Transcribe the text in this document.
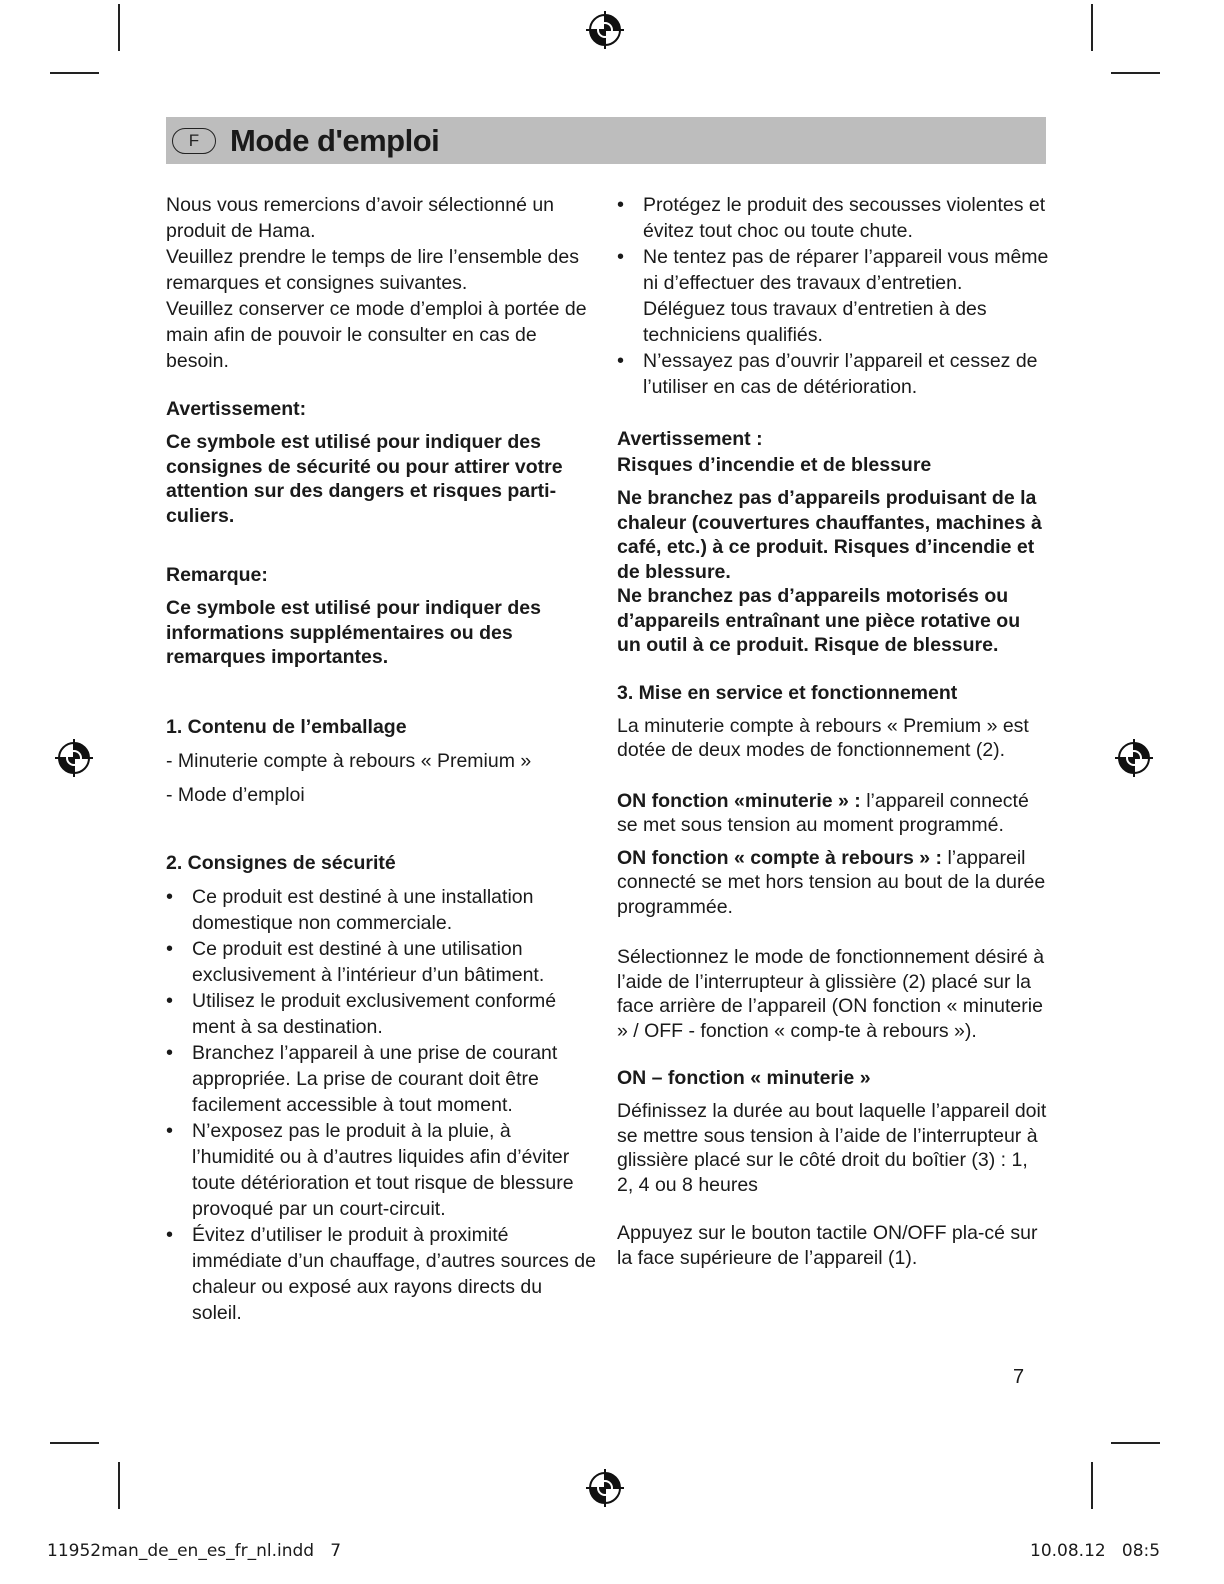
F Mode d'emploi

Nous vous remercions d’avoir sélectionné un produit de Hama.

Veuillez prendre le temps de lire l’ensemble des remarques et consignes suivantes.

Veuillez conserver ce mode d’emploi à portée de main afin de pouvoir le consulter en cas de besoin.

Avertissement:

Ce symbole est utilisé pour indiquer des consignes de sécurité ou pour attirer votre attention sur des dangers et risques parti-culiers.

Remarque:

Ce symbole est utilisé pour indiquer des informations supplémentaires ou des remarques importantes.

1. Contenu de l’emballage

- Minuterie compte à rebours « Premium »

- Mode d’emploi

2. Consignes de sécurité

• Ce produit est destiné à une installation domestique non commerciale.
• Ce produit est destiné à une utilisation exclusivement à l’intérieur d’un bâtiment.
• Utilisez le produit exclusivement conformé ment à sa destination.
• Branchez l’appareil à une prise de courant appropriée. La prise de courant doit être facilement accessible à tout moment.
• N’exposez pas le produit à la pluie, à l’humidité ou à d’autres liquides afin d’éviter toute détérioration et tout risque de blessure provoqué par un court-circuit.
• Évitez d’utiliser le produit à proximité immédiate d’un chauffage, d’autres sources de chaleur ou exposé aux rayons directs du soleil.
• Protégez le produit des secousses violentes et évitez tout choc ou toute chute.
• Ne tentez pas de réparer l’appareil vous même ni d’effectuer des travaux d’entretien. Déléguez tous travaux d’entretien à des techniciens qualifiés.
• N’essayez pas d’ouvrir l’appareil et cessez de l’utiliser en cas de détérioration.

Avertissement :

Risques d’incendie et de blessure

Ne branchez pas d’appareils produisant de la chaleur (couvertures chauffantes, machines à café, etc.) à ce produit. Risques d’incendie et de blessure.

Ne branchez pas d’appareils motorisés ou d’appareils entraînant une pièce rotative ou un outil à ce produit. Risque de blessure.

3. Mise en service et fonctionnement

La minuterie compte à rebours « Premium » est dotée de deux modes de fonctionnement (2).

ON fonction «minuterie » : l’appareil connecté se met sous tension au moment programmé.

ON fonction « compte à rebours » : l’appareil connecté se met hors tension au bout de la durée programmée.

Sélectionnez le mode de fonctionnement désiré à l’aide de l’interrupteur à glissière (2) placé sur la face arrière de l’appareil (ON fonction « minuterie » / OFF - fonction « comp-te à rebours »).

ON – fonction « minuterie »

Définissez la durée au bout laquelle l’appareil doit se mettre sous tension à l’aide de l’interrupteur à glissière placé sur le côté droit du boîtier (3) : 1, 2, 4 ou 8 heures

Appuyez sur le bouton tactile ON/OFF pla-cé sur la face supérieure de l’appareil (1).

7
11952man_de_en_es_fr_nl.indd   7	10.08.12   08:5
